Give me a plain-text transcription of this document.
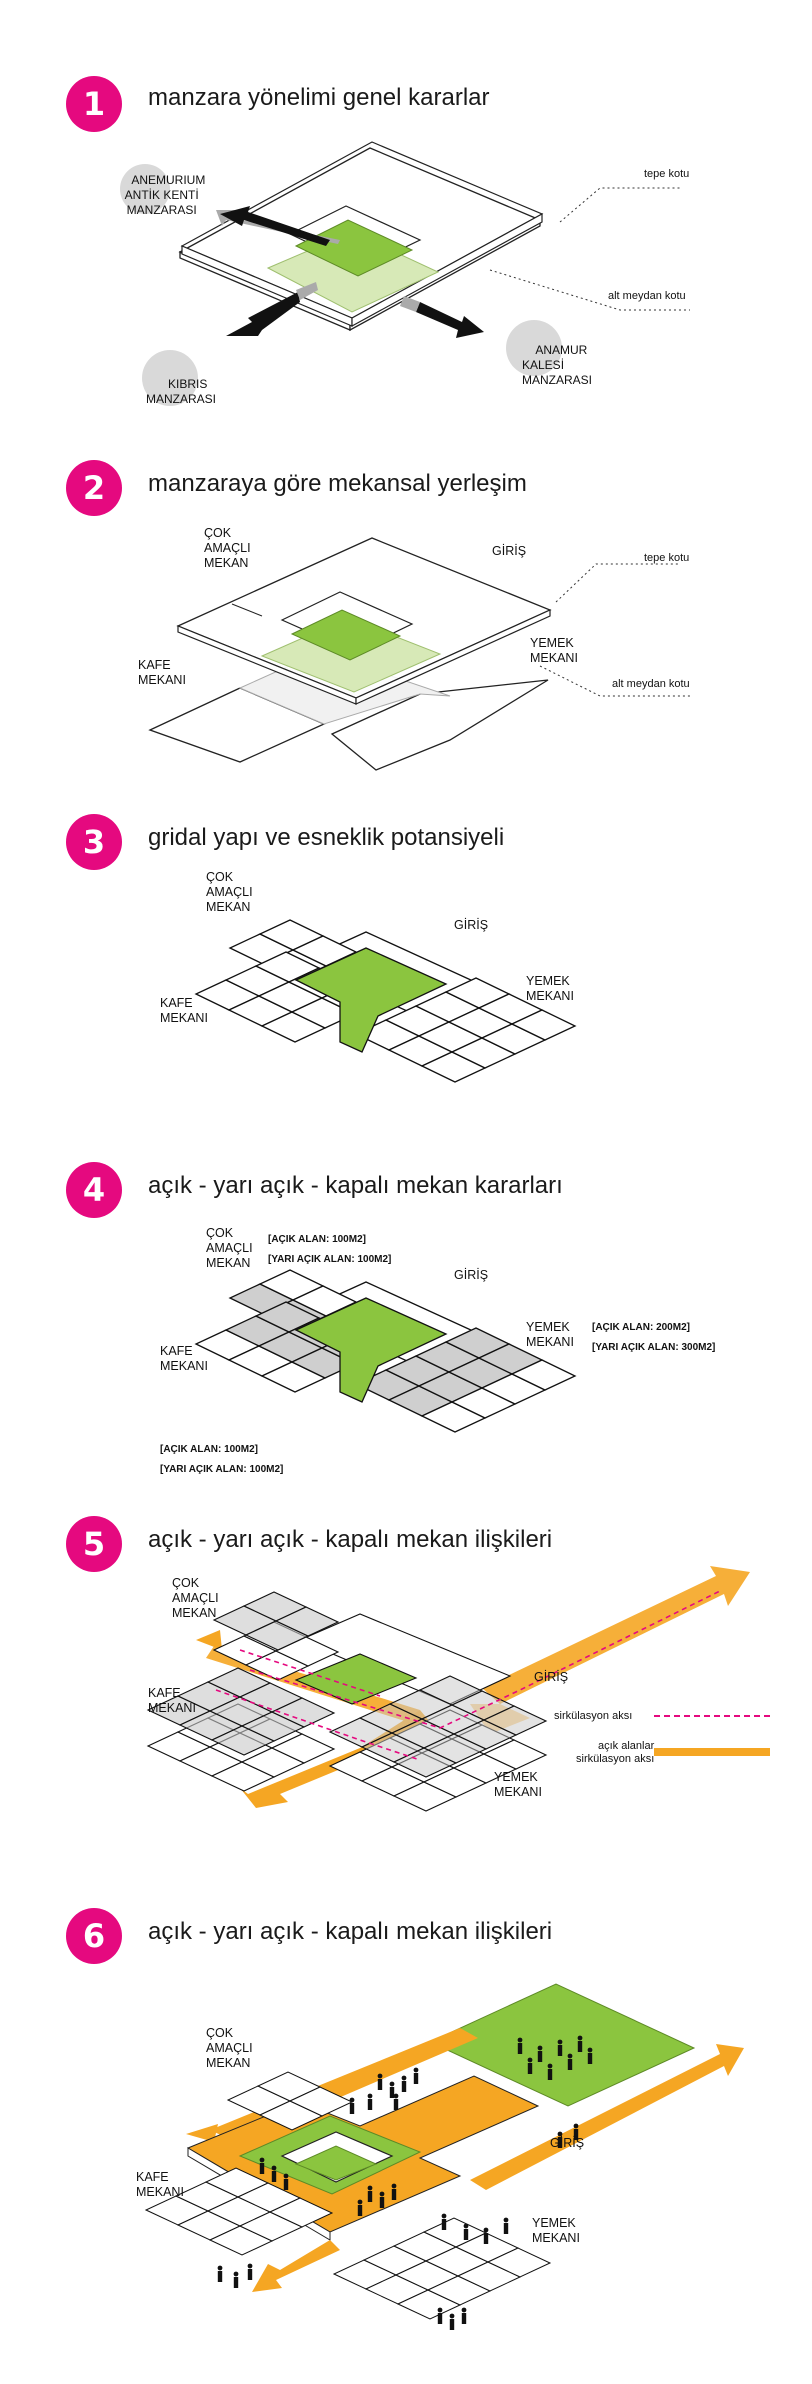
1	manzara yönelimi genel kararlar

ANEMURIUM
ANTİK KENTİ
MANZARASI

KIBRIS
MANZARASI

ANAMUR
KALESİ
MANZARASI
tepe kotu
alt meydan kotu
2	manzaraya göre mekansal yerleşim
ÇOK
AMAÇLI
MEKAN
GİRİŞ
KAFE
MEKANI
YEMEK
MEKANI
tepe kotu
alt meydan kotu
3	gridal yapı ve esneklik potansiyeli
ÇOK
AMAÇLI
MEKAN
GİRİŞ
KAFE
MEKANI
YEMEK
MEKANI
4	açık - yarı açık - kapalı mekan kararları
ÇOK
AMAÇLI
MEKAN
[AÇIK ALAN: 100M2]
[YARI AÇIK ALAN: 100M2]
GİRİŞ
KAFE
MEKANI
YEMEK
MEKANI
[AÇIK ALAN: 200M2]
[YARI AÇIK ALAN: 300M2]
[AÇIK ALAN: 100M2]
[YARI AÇIK ALAN: 100M2]
5	açık - yarı açık - kapalı mekan ilişkileri
ÇOK
AMAÇLI
MEKAN
GİRİŞ
KAFE
MEKANI
YEMEK
MEKANI
sirkülasyon aksı
açık alanlar
sirkülasyon aksı
6	açık - yarı açık - kapalı mekan ilişkileri
ÇOK
AMAÇLI
MEKAN
GİRİŞ
KAFE
MEKANI
YEMEK
MEKANI
